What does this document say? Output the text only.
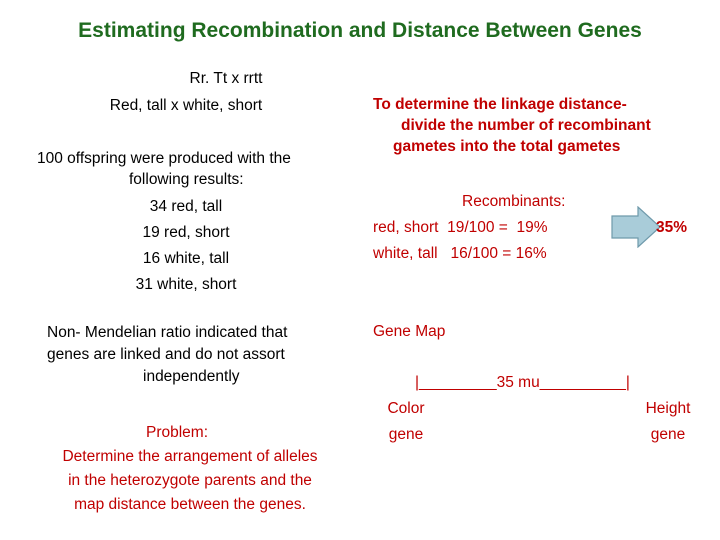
Estimating Recombination and Distance Between Genes
Rr. Tt x rrtt
Red, tall x white, short
100 offspring were produced with the
following results:
34 red, tall
19 red, short
16 white, tall
31 white, short
Non- Mendelian ratio indicated that
genes are linked and do not assort
independently
Problem:
Determine the arrangement of alleles
in the heterozygote parents and the
map distance between the genes.
To determine the linkage distance-
divide the number of recombinant
gametes into the total gametes
Recombinants:
red, short  19/100 =  19%
white, tall   16/100 = 16%
35%
Gene Map
|_________35 mu__________|
Color
gene
Height
gene
